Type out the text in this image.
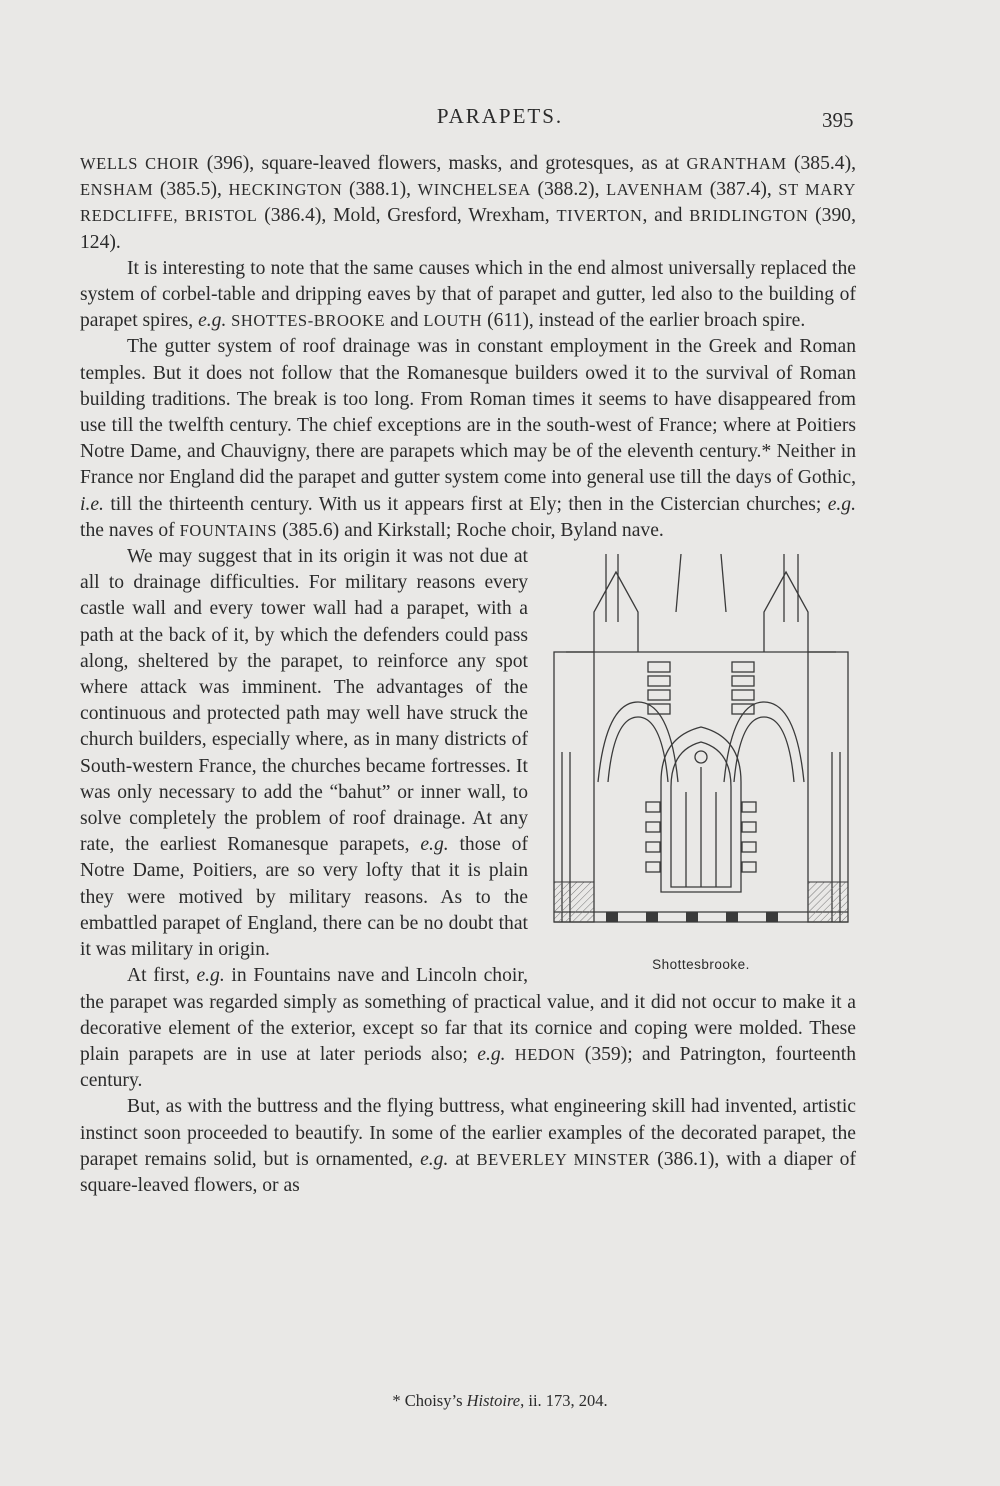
PARAPETS.	395

WELLS CHOIR (396), square-leaved flowers, masks, and grotesques, as at GRANTHAM (385.4), ENSHAM (385.5), HECKINGTON (388.1), WINCHELSEA (388.2), LAVENHAM (387.4), ST MARY REDCLIFFE, BRISTOL (386.4), Mold, Gresford, Wrexham, TIVERTON, and BRIDLINGTON (390, 124).

It is interesting to note that the same causes which in the end almost universally replaced the system of corbel-table and dripping eaves by that of parapet and gutter, led also to the building of parapet spires, e.g. SHOTTES-BROOKE and LOUTH (611), instead of the earlier broach spire.

The gutter system of roof drainage was in constant employment in the Greek and Roman temples. But it does not follow that the Romanesque builders owed it to the survival of Roman building traditions. The break is too long. From Roman times it seems to have disappeared from use till the twelfth century. The chief exceptions are in the south-west of France; where at Poitiers Notre Dame, and Chauvigny, there are parapets which may be of the eleventh century.* Neither in France nor England did the parapet and gutter system come into general use till the days of Gothic, i.e. till the thirteenth century. With us it appears first at Ely; then in the Cistercian churches; e.g. the naves of FOUNTAINS (385.6) and Kirkstall; Roche choir, Byland nave.

Shottesbrooke.

We may suggest that in its origin it was not due at all to drainage difficulties. For military reasons every castle wall and every tower wall had a parapet, with a path at the back of it, by which the defenders could pass along, sheltered by the parapet, to reinforce any spot where attack was imminent. The advantages of the continuous and protected path may well have struck the church builders, especially where, as in many districts of South-western France, the churches became fortresses. It was only necessary to add the “bahut” or inner wall, to solve completely the problem of roof drainage. At any rate, the earliest Romanesque parapets, e.g. those of Notre Dame, Poitiers, are so very lofty that it is plain they were motived by military reasons. As to the embattled parapet of England, there can be no doubt that it was military in origin.

At first, e.g. in Fountains nave and Lincoln choir, the parapet was regarded simply as something of practical value, and it did not occur to make it a decorative element of the exterior, except so far that its cornice and coping were molded. These plain parapets are in use at later periods also; e.g. HEDON (359); and Patrington, fourteenth century.

But, as with the buttress and the flying buttress, what engineering skill had invented, artistic instinct soon proceeded to beautify. In some of the earlier examples of the decorated parapet, the parapet remains solid, but is ornamented, e.g. at BEVERLEY MINSTER (386.1), with a diaper of square-leaved flowers, or as

* Choisy’s Histoire, ii. 173, 204.
